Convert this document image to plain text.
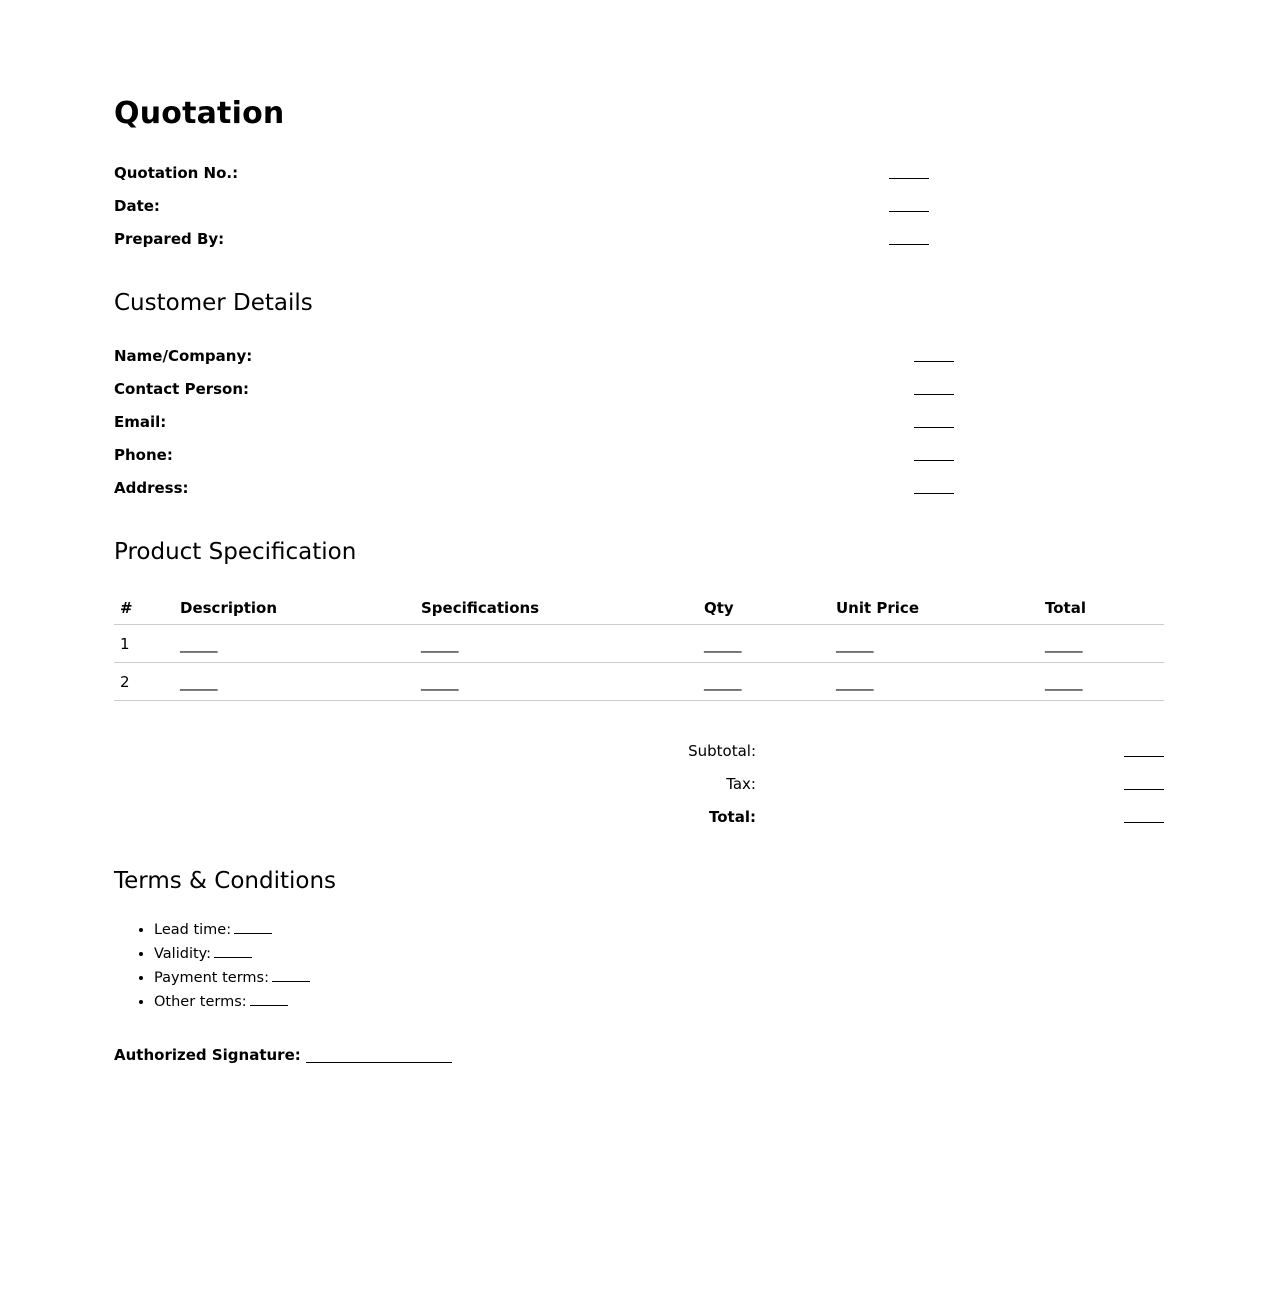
Quotation
Quotation No.:
Date:
Prepared By:
Customer Details
Name/Company:
Contact Person:
Email:
Phone:
Address:
Product Specification
#	Description	Specifications	Qty	Unit Price	Total
1	_____	_____	_____	_____	_____
2	_____	_____	_____	_____	_____
Subtotal:
Tax:
Total:
Terms & Conditions
• Lead time:
• Validity:
• Payment terms:
• Other terms:
Authorized Signature:
